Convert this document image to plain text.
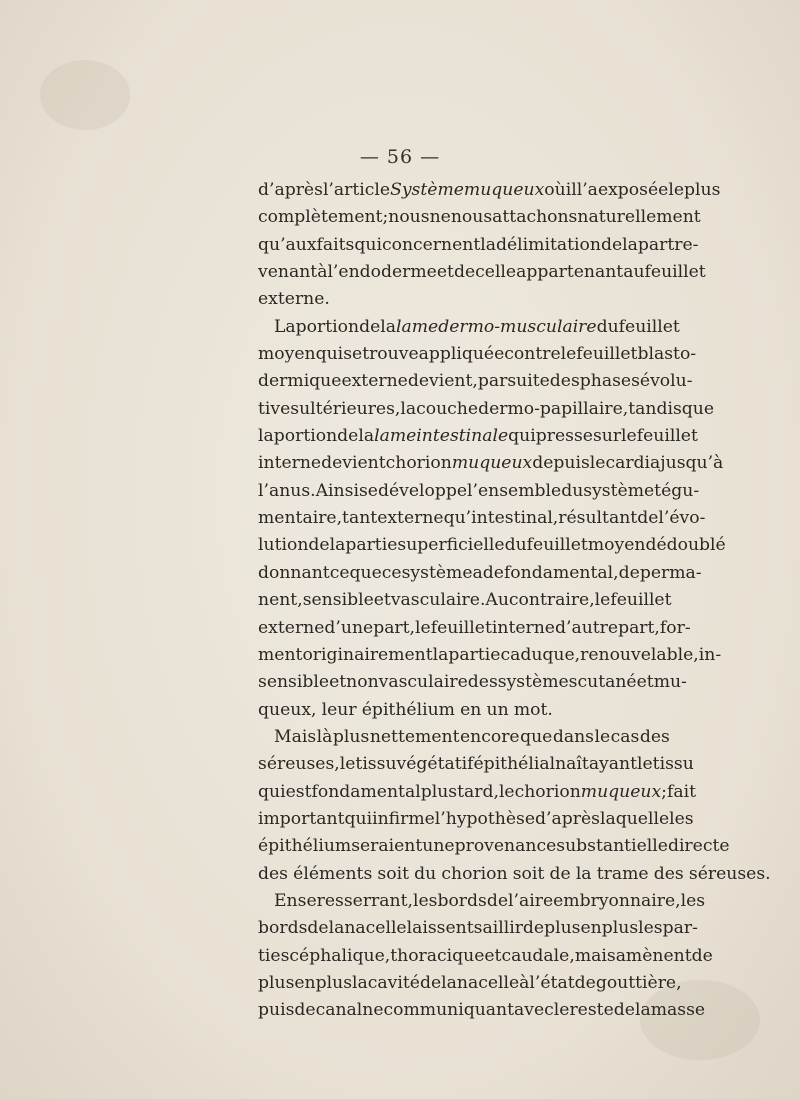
— 56 —
d’après l’article Système muqueux où il l’a exposée le plus
complètement ; nous ne nous attachons naturellement
qu’aux faits qui concernent la délimitation de la part re-
venant à l’endoderme et de celle appartenant au feuillet
externe.
La portion de la lame dermo-musculaire du feuillet
moyen qui se trouve appliquée contre le feuillet blasto-
dermique externe devient, par suite des phases évolu-
tives ultérieures, la couche dermo-papillaire, tandis que
la portion de la lame intestinale qui presse sur le feuillet
interne devient chorion muqueux depuis le cardia jusqu’à
l’anus. Ainsi se développe l’ensemble du système tégu-
mentaire, tant externe qu’intestinal, résultant de l’évo-
lution de la partie superficielle du feuillet moyen dédoublé
donnant ce que ce système a de fondamental, de perma-
nent, sensible et vasculaire. Au contraire, le feuillet
externe d’une part, le feuillet interne d’autre part, for-
ment originairement la partie caduque, renouvelable, in-
sensible et non vasculaire des systèmes cutané et mu-
queux, leur épithélium en un mot.
Mais là plus nettement encore que dans le cas des
séreuses, le tissu végétatif épithélial naît ayant le tissu
qui est fondamental plus tard, le chorion muqueux ; fait
important qui infirme l’hypothèse d’après laquelle les
épithélium seraient une provenance substantielle directe
des éléments soit du chorion soit de la trame des séreuses.
En se resserrant, les bords de l’aire embryonnaire, les
bords de la nacelle laissent saillir de plus en plus les par-
ties céphalique, thoracique et caudale, mais amènent de
plus en plus la cavité de la nacelle à l’état de gouttière,
puis de canal ne communiquant avec le reste de la masse
